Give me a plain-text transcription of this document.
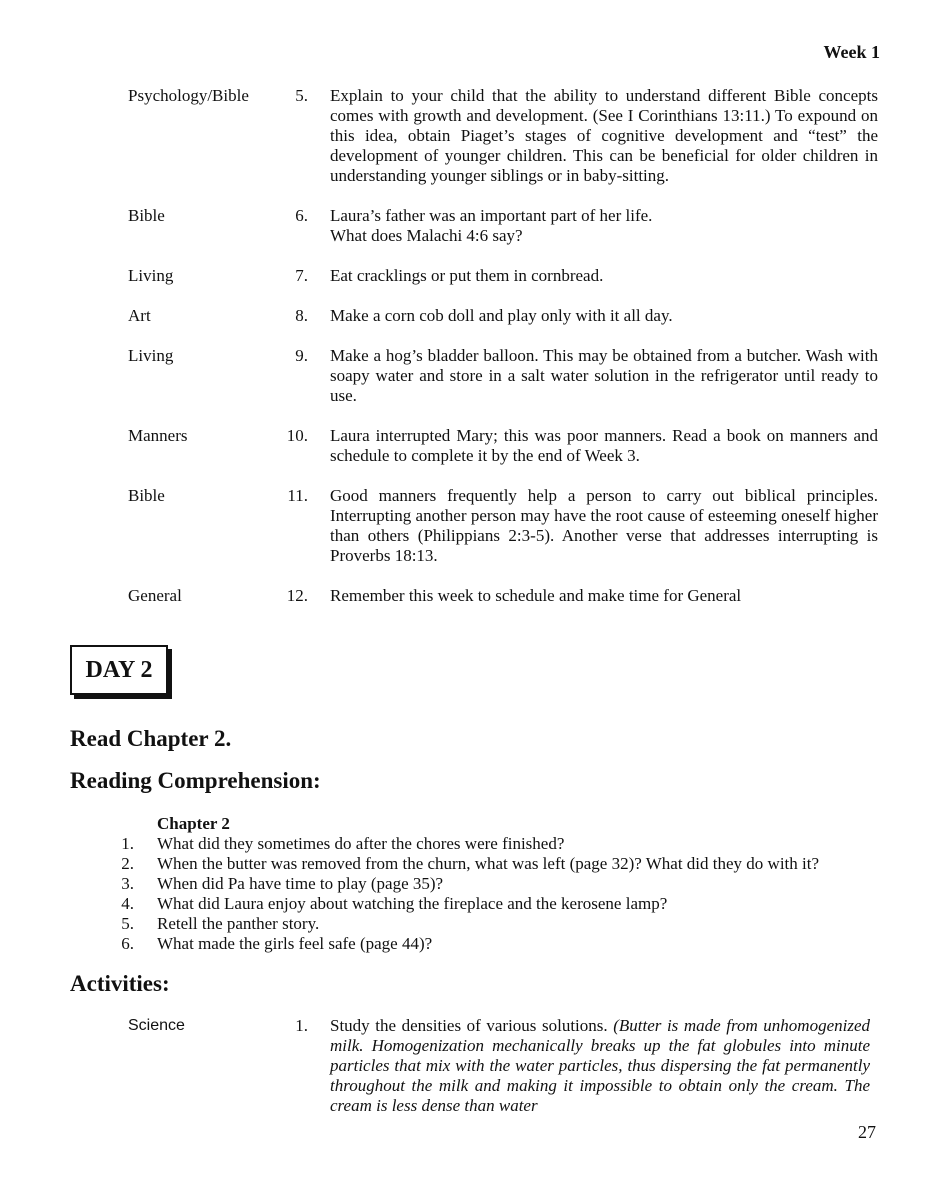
Week 1
Psychology/Bible	5.	Explain to your child that the ability to understand different Bible concepts comes with growth and development. (See I Corinthians 13:11.) To expound on this idea, obtain Piaget’s stages of cognitive development and “test” the development of younger children. This can be beneficial for older children in understanding younger siblings or in baby-sitting.
Bible	6.	Laura’s father was an important part of her life.
What does Malachi 4:6 say?
Living	7.	Eat cracklings or put them in cornbread.
Art	8.	Make a corn cob doll and play only with it all day.
Living	9.	Make a hog’s bladder balloon. This may be obtained from a butcher. Wash with soapy water and store in a salt water solution in the refrigerator until ready to use.
Manners	10.	Laura interrupted Mary; this was poor manners. Read a book on manners and schedule to complete it by the end of Week 3.
Bible	11.	Good manners frequently help a person to carry out biblical principles. Interrupting another person may have the root cause of esteeming oneself higher than others (Philippians 2:3-5). Another verse that addresses interrupting is Proverbs 18:13.
General	12.	Remember this week to schedule and make time for General
DAY 2
Read Chapter 2.
Reading Comprehension:
Chapter 2
1.	What did they sometimes do after the chores were finished?
2.	When the butter was removed from the churn, what was left (page 32)? What did they do with it?
3.	When did Pa have time to play (page 35)?
4.	What did Laura enjoy about watching the fireplace and the kerosene lamp?
5.	Retell the panther story.
6.	What made the girls feel safe (page 44)?
Activities:
Science	1.	Study the densities of various solutions. (Butter is made from unhomogenized milk. Homogenization mechanically breaks up the fat globules into minute particles that mix with the water particles, thus dispersing the fat permanently throughout the milk and making it impossible to obtain only the cream. The cream is less dense than water
27
